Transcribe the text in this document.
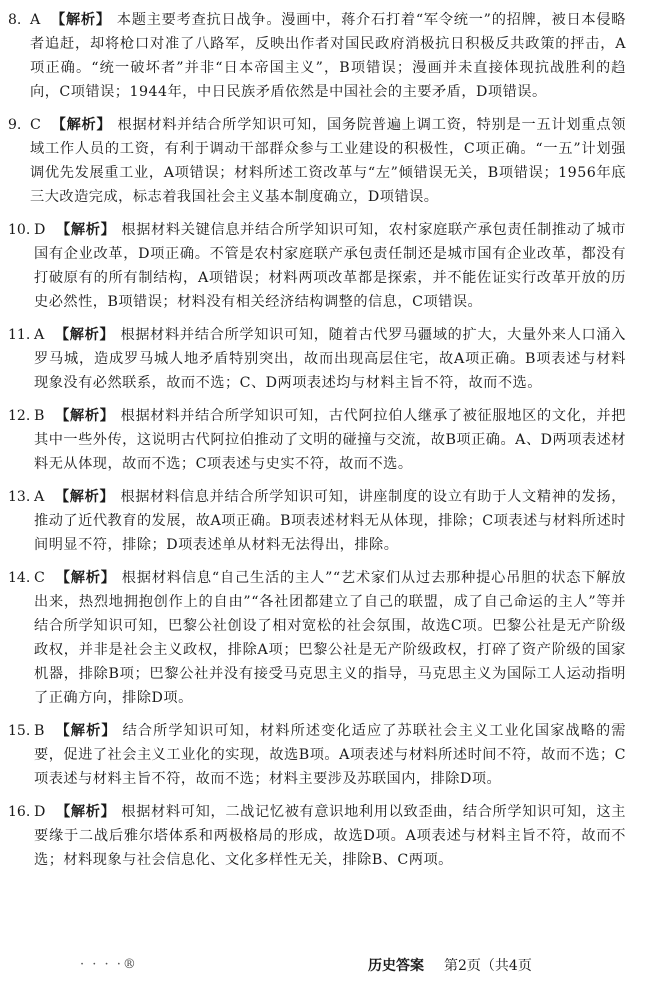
8. A 【解析】 本题主要考查抗日战争。漫画中，蒋介石打着“军令统一”的招牌，被日本侵略者追赶，却将枪口对准了八路军，反映出作者对国民政府消极抗日积极反共政策的抨击，A项正确。“统一破坏者”并非“日本帝国主义”，B项错误；漫画并未直接体现抗战胜利的趋向，C项错误；1944年，中日民族矛盾依然是中国社会的主要矛盾，D项错误。
9. C 【解析】 根据材料并结合所学知识可知，国务院普遍上调工资，特别是一五计划重点领域工作人员的工资，有利于调动干部群众参与工业建设的积极性，C项正确。“一五”计划强调优先发展重工业，A项错误；材料所述工资改革与“左”倾错误无关，B项错误；1956年底三大改造完成，标志着我国社会主义基本制度确立，D项错误。
10. D 【解析】 根据材料关键信息并结合所学知识可知，农村家庭联产承包责任制推动了城市国有企业改革，D项正确。不管是农村家庭联产承包责任制还是城市国有企业改革，都没有打破原有的所有制结构，A项错误；材料两项改革都是探索，并不能佐证实行改革开放的历史必然性，B项错误；材料没有相关经济结构调整的信息，C项错误。
11. A 【解析】 根据材料并结合所学知识可知，随着古代罗马疆域的扩大，大量外来人口涌入罗马城，造成罗马城人地矛盾特别突出，故而出现高层住宅，故A项正确。B项表述与材料现象没有必然联系，故而不选；C、D两项表述均与材料主旨不符，故而不选。
12. B 【解析】 根据材料并结合所学知识可知，古代阿拉伯人继承了被征服地区的文化，并把其中一些外传，这说明古代阿拉伯推动了文明的碰撞与交流，故B项正确。A、D两项表述材料无从体现，故而不选；C项表述与史实不符，故而不选。
13. A 【解析】 根据材料信息并结合所学知识可知，讲座制度的设立有助于人文精神的发扬，推动了近代教育的发展，故A项正确。B项表述材料无从体现，排除；C项表述与材料所述时间明显不符，排除；D项表述单从材料无法得出，排除。
14. C 【解析】 根据材料信息“自己生活的主人”“艺术家们从过去那种提心吊胆的状态下解放出来，热烈地拥抱创作上的自由”“各社团都建立了自己的联盟，成了自己命运的主人”等并结合所学知识可知，巴黎公社创设了相对宽松的社会氛围，故选C项。巴黎公社是无产阶级政权，并非是社会主义政权，排除A项；巴黎公社是无产阶级政权，打碎了资产阶级的国家机器，排除B项；巴黎公社并没有接受马克思主义的指导，马克思主义为国际工人运动指明了正确方向，排除D项。
15. B 【解析】 结合所学知识可知，材料所述变化适应了苏联社会主义工业化国家战略的需要，促进了社会主义工业化的实现，故选B项。A项表述与材料所述时间不符，故而不选；C项表述与材料主旨不符，故而不选；材料主要涉及苏联国内，排除D项。
16. D 【解析】 根据材料可知，二战记忆被有意识地利用以致歪曲，结合所学知识可知，这主要缘于二战后雅尔塔体系和两极格局的形成，故选D项。A项表述与材料主旨不符，故而不选；材料现象与社会信息化、文化多样性无关，排除B、C两项。
· · · ·®	历史答案 第2页（共4页
